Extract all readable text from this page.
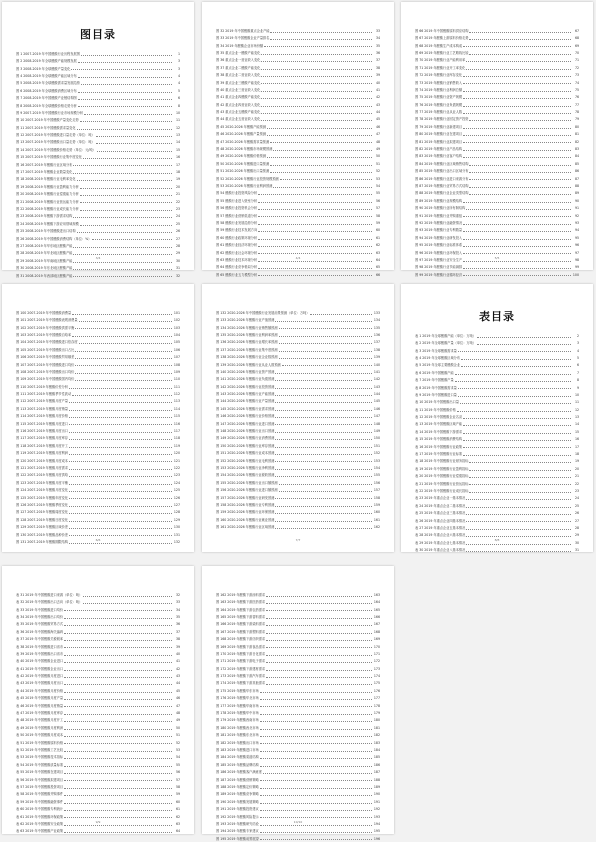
图目录
图 1 2007-2019 年中国醛酸行业历程发展图	1
图 2 2008-2019 年全球醛酸产能规模发展	3
图 3 2008-2019 年全球醛酸产量变化	3
图 4 2008-2019 年全球醛酸产能区域分布	4
图 5 2008-2019 年全球醛酸需求量发展趋势	4
图 6 2008-2019 年全球醛酸消费区域分布	5
图 7 2008-2019 年中国醛酸产业链结构图	6
图 8 2008-2019 年全球醛酸价格走势分析	8
图 9 2007-2019 年中国醛酸行业市场规模分析	10
图 10 2007-2019 年中国醛酸产量变化走势	11
图 11 2007-2019 年中国醛酸需求量变化	12
图 12 2007-2019 年中国醛酸进口量走势（单位：吨）	13
图 13 2007-2019 年中国醛酸出口量走势（单位：吨）	14
图 14 2007-2019 年中国醛酸价格走势（单位：元/吨）	15
图 15 2007-2019 年中国醛酸行业集中度变化	16
图 16 2007-2019 年醛酸行业区域分布	17
图 17 2007-2019 年醛酸企业数量变化	18
图 18 2008-2019 年醛酸行业毛利率变化	19
图 19 2008-2019 年醛酸行业盈利能力分析	20
图 20 2008-2019 年醛酸行业偿债能力分析	21
图 21 2008-2019 年醛酸行业营运能力分析	22
图 22 2008-2019 年醛酸行业成长能力分析	23
图 23 2008-2019 年醛酸下游需求结构	24
图 24 2008-2019 年醛酸下游应用领域规模	25
图 25 2008-2019 年中国醛酸进出口结构	26
图 26 2008-2019 年中国醛酸消费结构（单位：%）	27
图 27 2008-2019 年华东地区醛酸产能	28
图 28 2008-2019 年华北地区醛酸产能	29
图 29 2008-2019 年华南地区醛酸产能	30
图 30 2008-2019 年东北地区醛酸产能	31
图 31 2008-2019 年西部地区醛酸产能	32
3/4
图 32 2019 年中国醛酸重点企业产能	33
图 33 2019 年中国醛酸企业产量排名	34
图 34 2019 年醛酸企业市场份额	35
图 35 重点企业一醛酸产能变化	36
图 36 重点企业一营业收入变化	37
图 37 重点企业二醛酸产能变化	38
图 38 重点企业二营业收入变化	39
图 39 重点企业三醛酸产能变化	40
图 40 重点企业三营业收入变化	41
图 41 重点企业四醛酸产能变化	42
图 42 重点企业四营业收入变化	43
图 43 重点企业五醛酸产能变化	44
图 44 重点企业五营业收入变化	45
图 45 2020-2026 年醛酸产能预测	46
图 46 2020-2026 年醛酸产量预测	47
图 47 2020-2026 年醛酸需求量预测	48
图 48 2020-2026 年醛酸市场规模预测	49
图 49 2020-2026 年醛酸价格预测	50
图 50 2020-2026 年醛酸进口量预测	51
图 51 2020-2026 年醛酸出口量预测	52
图 52 2020-2026 年醛酸行业投资规模预测	53
图 53 2020-2026 年醛酸行业利润预测	54
图 54 醛酸行业投资风险分析	55
图 55 醛酸行业进入壁垒分析	56
图 56 醛酸行业投资机会分析	57
图 57 醛酸行业营销渠道分析	58
图 58 醛酸行业发展趋势分析	59
图 59 醛酸行业技术发展方向	60
图 60 醛酸行业政策环境分析	61
图 61 醛酸行业经济环境分析	62
图 62 醛酸行业社会环境分析	63
图 63 醛酸行业技术环境分析	64
图 64 醛酸行业竞争格局分析	65
图 65 醛酸行业五力模型分析	66
4/4
图 66 2019 年中国醛酸原料供应结构	67
图 67 2019 年醛酸上游原料价格走势	68
图 68 2019 年醛酸生产成本构成	69
图 69 2019 年醛酸行业工艺路线比较	70
图 70 2019 年醛酸行业产能利用率	71
图 71 2019 年醛酸行业开工率变化	72
图 72 2019 年醛酸行业库存变化	73
图 73 2019 年醛酸行业销售收入	74
图 74 2019 年醛酸行业利润总额	75
图 75 2019 年醛酸行业资产规模	76
图 76 2019 年醛酸行业负债规模	77
图 77 2019 年醛酸行业从业人数	78
图 78 2019 年醛酸行业固定资产投资	79
图 79 2019 年醛酸行业新建项目	80
图 80 2019 年醛酸行业在建项目	81
图 81 2019 年醛酸行业拟建项目	82
图 82 2019 年醛酸行业产品结构	83
图 83 2019 年醛酸行业客户结构	84
图 84 2019 年醛酸行业区域销售结构	85
图 85 2019 年醛酸行业出口区域分布	86
图 86 2019 年醛酸行业进口来源分布	87
图 87 2019 年醛酸行业贸易方式结构	88
图 88 2019 年醛酸行业企业类型结构	89
图 89 2019 年醛酸行业规模结构	90
图 90 2019 年醛酸行业所有制结构	91
图 91 2019 年醛酸行业并购重组	92
图 92 2019 年醛酸行业融资情况	93
图 93 2019 年醛酸行业专利数量	94
图 94 2019 年醛酸行业研发投入	95
图 95 2019 年醛酸行业标准体系	96
图 96 2019 年醛酸行业环保投入	97
图 97 2019 年醛酸行业安全生产	98
图 98 2019 年醛酸行业节能减排	99
图 99 2019 年醛酸行业循环经济	100
5/5
图 100 2007-2019 年中国醛酸消费量	101
图 101 2007-2019 年中国醛酸表观消费量	102
图 102 2007-2019 年中国醛酸供需平衡	103
图 103 2007-2019 年中国醛酸自给率	104
图 104 2007-2019 年中国醛酸进口依存度	105
图 105 2007-2019 年中国醛酸出口占比	106
图 106 2007-2019 年中国醛酸贸易顺差	107
图 107 2007-2019 年中国醛酸进口均价	108
图 108 2007-2019 年中国醛酸出口均价	109
图 109 2007-2019 年中国醛酸国内均价	110
图 110 2007-2019 年醛酸价差分析	111
图 111 2007-2019 年醛酸季节性波动	112
图 112 2007-2019 年醛酸月度产量	113
图 113 2007-2019 年醛酸月度销量	114
图 114 2007-2019 年醛酸月度价格	115
图 115 2007-2019 年醛酸月度进口	116
图 116 2007-2019 年醛酸月度出口	117
图 117 2007-2019 年醛酸月度库存	118
图 118 2007-2019 年醛酸月度开工	119
图 119 2007-2019 年醛酸月度利润	120
图 120 2007-2019 年醛酸月度成本	121
图 121 2007-2019 年醛酸月度需求	122
图 122 2007-2019 年醛酸月度供给	123
图 123 2007-2019 年醛酸月度平衡	124
图 124 2007-2019 年醛酸月度变化	125
图 125 2007-2019 年醛酸年度变化	126
图 126 2007-2019 年醛酸季度变化	127
图 127 2007-2019 年醛酸周度变化	128
图 128 2007-2019 年醛酸日度变化	129
图 129 2007-2019 年醛酸区域价差	130
图 130 2007-2019 年醛酸品种价差	131
图 131 2007-2019 年醛酸期限结构	132
6/6
图 132 2020-2026 年中国醛酸行业发展前景预测（单位：万吨）	133
图 133 2020-2026 年醛酸行业产值预测	134
图 134 2020-2026 年醛酸行业销售额预测	135
图 135 2020-2026 年醛酸行业利润率预测	136
图 136 2020-2026 年醛酸行业增长率预测	137
图 137 2020-2026 年醛酸行业集中度预测	138
图 138 2020-2026 年醛酸行业企业数预测	139
图 139 2020-2026 年醛酸行业从业人数预测	140
图 140 2020-2026 年醛酸行业资产预测	141
图 141 2020-2026 年醛酸行业负债预测	142
图 142 2020-2026 年醛酸行业投资预测	143
图 143 2020-2026 年醛酸行业产能预测	144
图 144 2020-2026 年醛酸行业产量预测	145
图 145 2020-2026 年醛酸行业需求预测	146
图 146 2020-2026 年醛酸行业价格预测	147
图 147 2020-2026 年醛酸行业进口预测	148
图 148 2020-2026 年醛酸行业出口预测	149
图 149 2020-2026 年醛酸行业消费预测	150
图 150 2020-2026 年醛酸行业库存预测	151
图 151 2020-2026 年醛酸行业成本预测	152
图 152 2020-2026 年醛酸行业毛利预测	153
图 153 2020-2026 年醛酸行业净利预测	154
图 154 2020-2026 年醛酸行业税收预测	155
图 155 2020-2026 年醛酸行业出口额预测	156
图 156 2020-2026 年醛酸行业进口额预测	157
图 157 2020-2026 年醛酸行业研发预测	158
图 158 2020-2026 年醛酸行业专利预测	159
图 159 2020-2026 年醛酸行业环保预测	160
图 160 2020-2026 年醛酸行业就业预测	161
图 161 2020-2026 年醛酸行业区域预测	162
7/7
表目录
表 1 2019 年全球醛酸产能（单位：万吨）	2
表 2 2019 年全球醛酸产量（单位：万吨）	3
表 3 2019 年全球醛酸需求量	4
表 4 2019 年全球醛酸区域分布	5
表 5 2019 年全球主要醛酸企业	6
表 6 2019 年中国醛酸产能	7
表 7 2019 年中国醛酸产量	8
表 8 2019 年中国醛酸需求量	9
表 9 2019 年中国醛酸进口量	10
表 10 2019 年中国醛酸出口量	11
表 11 2019 年中国醛酸价格	12
表 12 2019 年中国醛酸企业名录	13
表 13 2019 年中国醛酸区域产能	14
表 14 2019 年中国醛酸下游需求	15
表 15 2019 年中国醛酸消费结构	16
表 16 2019 年中国醛酸行业政策	17
表 17 2019 年中国醛酸行业标准	18
表 18 2019 年中国醛酸行业财务指标	19
表 19 2019 年中国醛酸行业盈利指标	20
表 20 2019 年中国醛酸行业偿债指标	21
表 21 2019 年中国醛酸行业营运指标	22
表 22 2019 年中国醛酸行业成长指标	23
表 23 2019 年重点企业一基本情况	24
表 24 2019 年重点企业二基本情况	25
表 25 2019 年重点企业三基本情况	26
表 26 2019 年重点企业四基本情况	27
表 27 2019 年重点企业五基本情况	28
表 28 2019 年重点企业六基本情况	29
表 29 2019 年重点企业七基本情况	30
表 30 2019 年重点企业八基本情况	31
8/8
表 31 2019 年中国醛酸进口来源（单位：吨）	32
表 32 2019 年中国醛酸出口去向（单位：吨）	33
表 33 2019 年中国醛酸进口均价	34
表 34 2019 年中国醛酸出口均价	35
表 35 2019 年中国醛酸贸易方式	36
表 36 2019 年中国醛酸海关编码	37
表 37 2019 年中国醛酸关税税率	38
表 38 2019 年中国醛酸进口省市	39
表 39 2019 年中国醛酸出口省市	40
表 40 2019 年中国醛酸企业进口	41
表 41 2019 年中国醛酸企业出口	42
表 42 2019 年中国醛酸月度进口	43
表 43 2019 年中国醛酸月度出口	44
表 44 2019 年中国醛酸月度价格	45
表 45 2019 年中国醛酸月度产量	46
表 46 2019 年中国醛酸月度销量	47
表 47 2019 年中国醛酸月度库存	48
表 48 2019 年中国醛酸月度开工	49
表 49 2019 年中国醛酸月度利润	50
表 50 2019 年中国醛酸月度成本	51
表 51 2019 年中国醛酸原料价格	52
表 52 2019 年中国醛酸工艺比较	53
表 53 2019 年中国醛酸技术指标	54
表 54 2019 年中国醛酸质量标准	55
表 55 2019 年中国醛酸在建项目	56
表 56 2019 年中国醛酸拟建项目	57
表 57 2019 年中国醛酸投资项目	58
表 58 2019 年中国醛酸并购事件	59
表 59 2019 年中国醛酸融资事件	60
表 60 2019 年中国醛酸专利统计	61
表 61 2019 年中国醛酸环保政策	62
表 62 2019 年中国醛酸安全政策	63
表 63 2019 年中国醛酸产业政策	64
9/9
图 162 2019 年醛酸下游涂料需求	163
图 163 2019 年醛酸下游医药需求	164
图 164 2019 年醛酸下游农药需求	165
图 165 2019 年醛酸下游香料需求	166
图 166 2019 年醛酸下游染料需求	167
图 167 2019 年醛酸下游塑料需求	168
图 168 2019 年醛酸下游纺织需求	169
图 169 2019 年醛酸下游食品需求	170
图 170 2019 年醛酸下游日化需求	171
图 171 2019 年醛酸下游电子需求	172
图 172 2019 年醛酸下游建材需求	173
图 173 2019 年醛酸下游汽车需求	174
图 174 2019 年醛酸下游其他需求	175
图 175 2019 年醛酸华东市场	176
图 176 2019 年醛酸华北市场	177
图 177 2019 年醛酸华南市场	178
图 178 2019 年醛酸华中市场	179
图 179 2019 年醛酸西南市场	180
图 180 2019 年醛酸西北市场	181
图 181 2019 年醛酸东北市场	182
图 182 2019 年醛酸出口市场	183
图 183 2019 年醛酸进口市场	184
图 184 2019 年醛酸渠道结构	185
图 185 2019 年醛酸品牌结构	186
图 186 2019 年醛酸客户满意度	187
图 187 2019 年醛酸营销策略	188
图 188 2019 年醛酸定价策略	189
图 189 2019 年醛酸竞争策略	190
图 190 2019 年醛酸发展策略	191
图 191 2019 年醛酸投资建议	192
图 192 2019 年醛酸风险提示	193
图 193 2019 年醛酸研究结论	194
图 194 2019 年醛酸专家建议	195
图 195 2019 年醛酸前景展望	196
10/10
